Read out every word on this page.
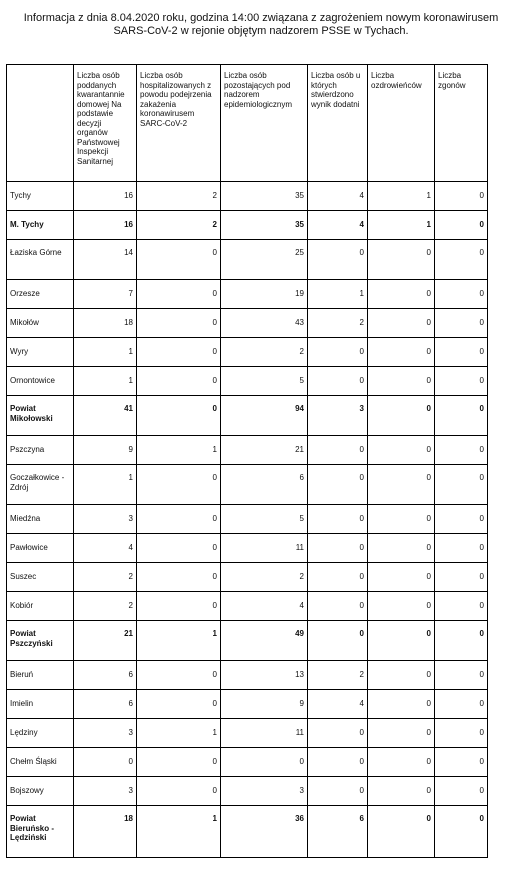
Informacja z dnia 8.04.2020 roku, godzina 14:00 związana z zagrożeniem nowym koronawirusem
SARS-CoV-2 w rejonie objętym nadzorem PSSE w Tychach.
	Liczba osób poddanych kwarantannie domowej Na podstawie decyzji organów Państwowej Inspekcji Sanitarnej	Liczba osób hospitalizowanych z powodu podejrzenia zakażenia koronawirusem SARC-CoV-2	Liczba osób pozostających pod nadzorem epidemiologicznym	Liczba osób u których stwierdzono wynik dodatni	Liczba ozdrowieńców	Liczba zgonów
Tychy	16	2	35	4	1	0
M. Tychy	16	2	35	4	1	0
Łaziska Górne	14	0	25	0	0	0
Orzesze	7	0	19	1	0	0
Mikołów	18	0	43	2	0	0
Wyry	1	0	2	0	0	0
Ornontowice	1	0	5	0	0	0
Powiat Mikołowski	41	0	94	3	0	0
Pszczyna	9	1	21	0	0	0
Goczałkowice - Zdrój	1	0	6	0	0	0
Miedźna	3	0	5	0	0	0
Pawłowice	4	0	11	0	0	0
Suszec	2	0	2	0	0	0
Kobiór	2	0	4	0	0	0
Powiat Pszczyński	21	1	49	0	0	0
Bieruń	6	0	13	2	0	0
Imielin	6	0	9	4	0	0
Lędziny	3	1	11	0	0	0
Chełm Śląski	0	0	0	0	0	0
Bojszowy	3	0	3	0	0	0
Powiat Bieruńsko - Lędziński	18	1	36	6	0	0
